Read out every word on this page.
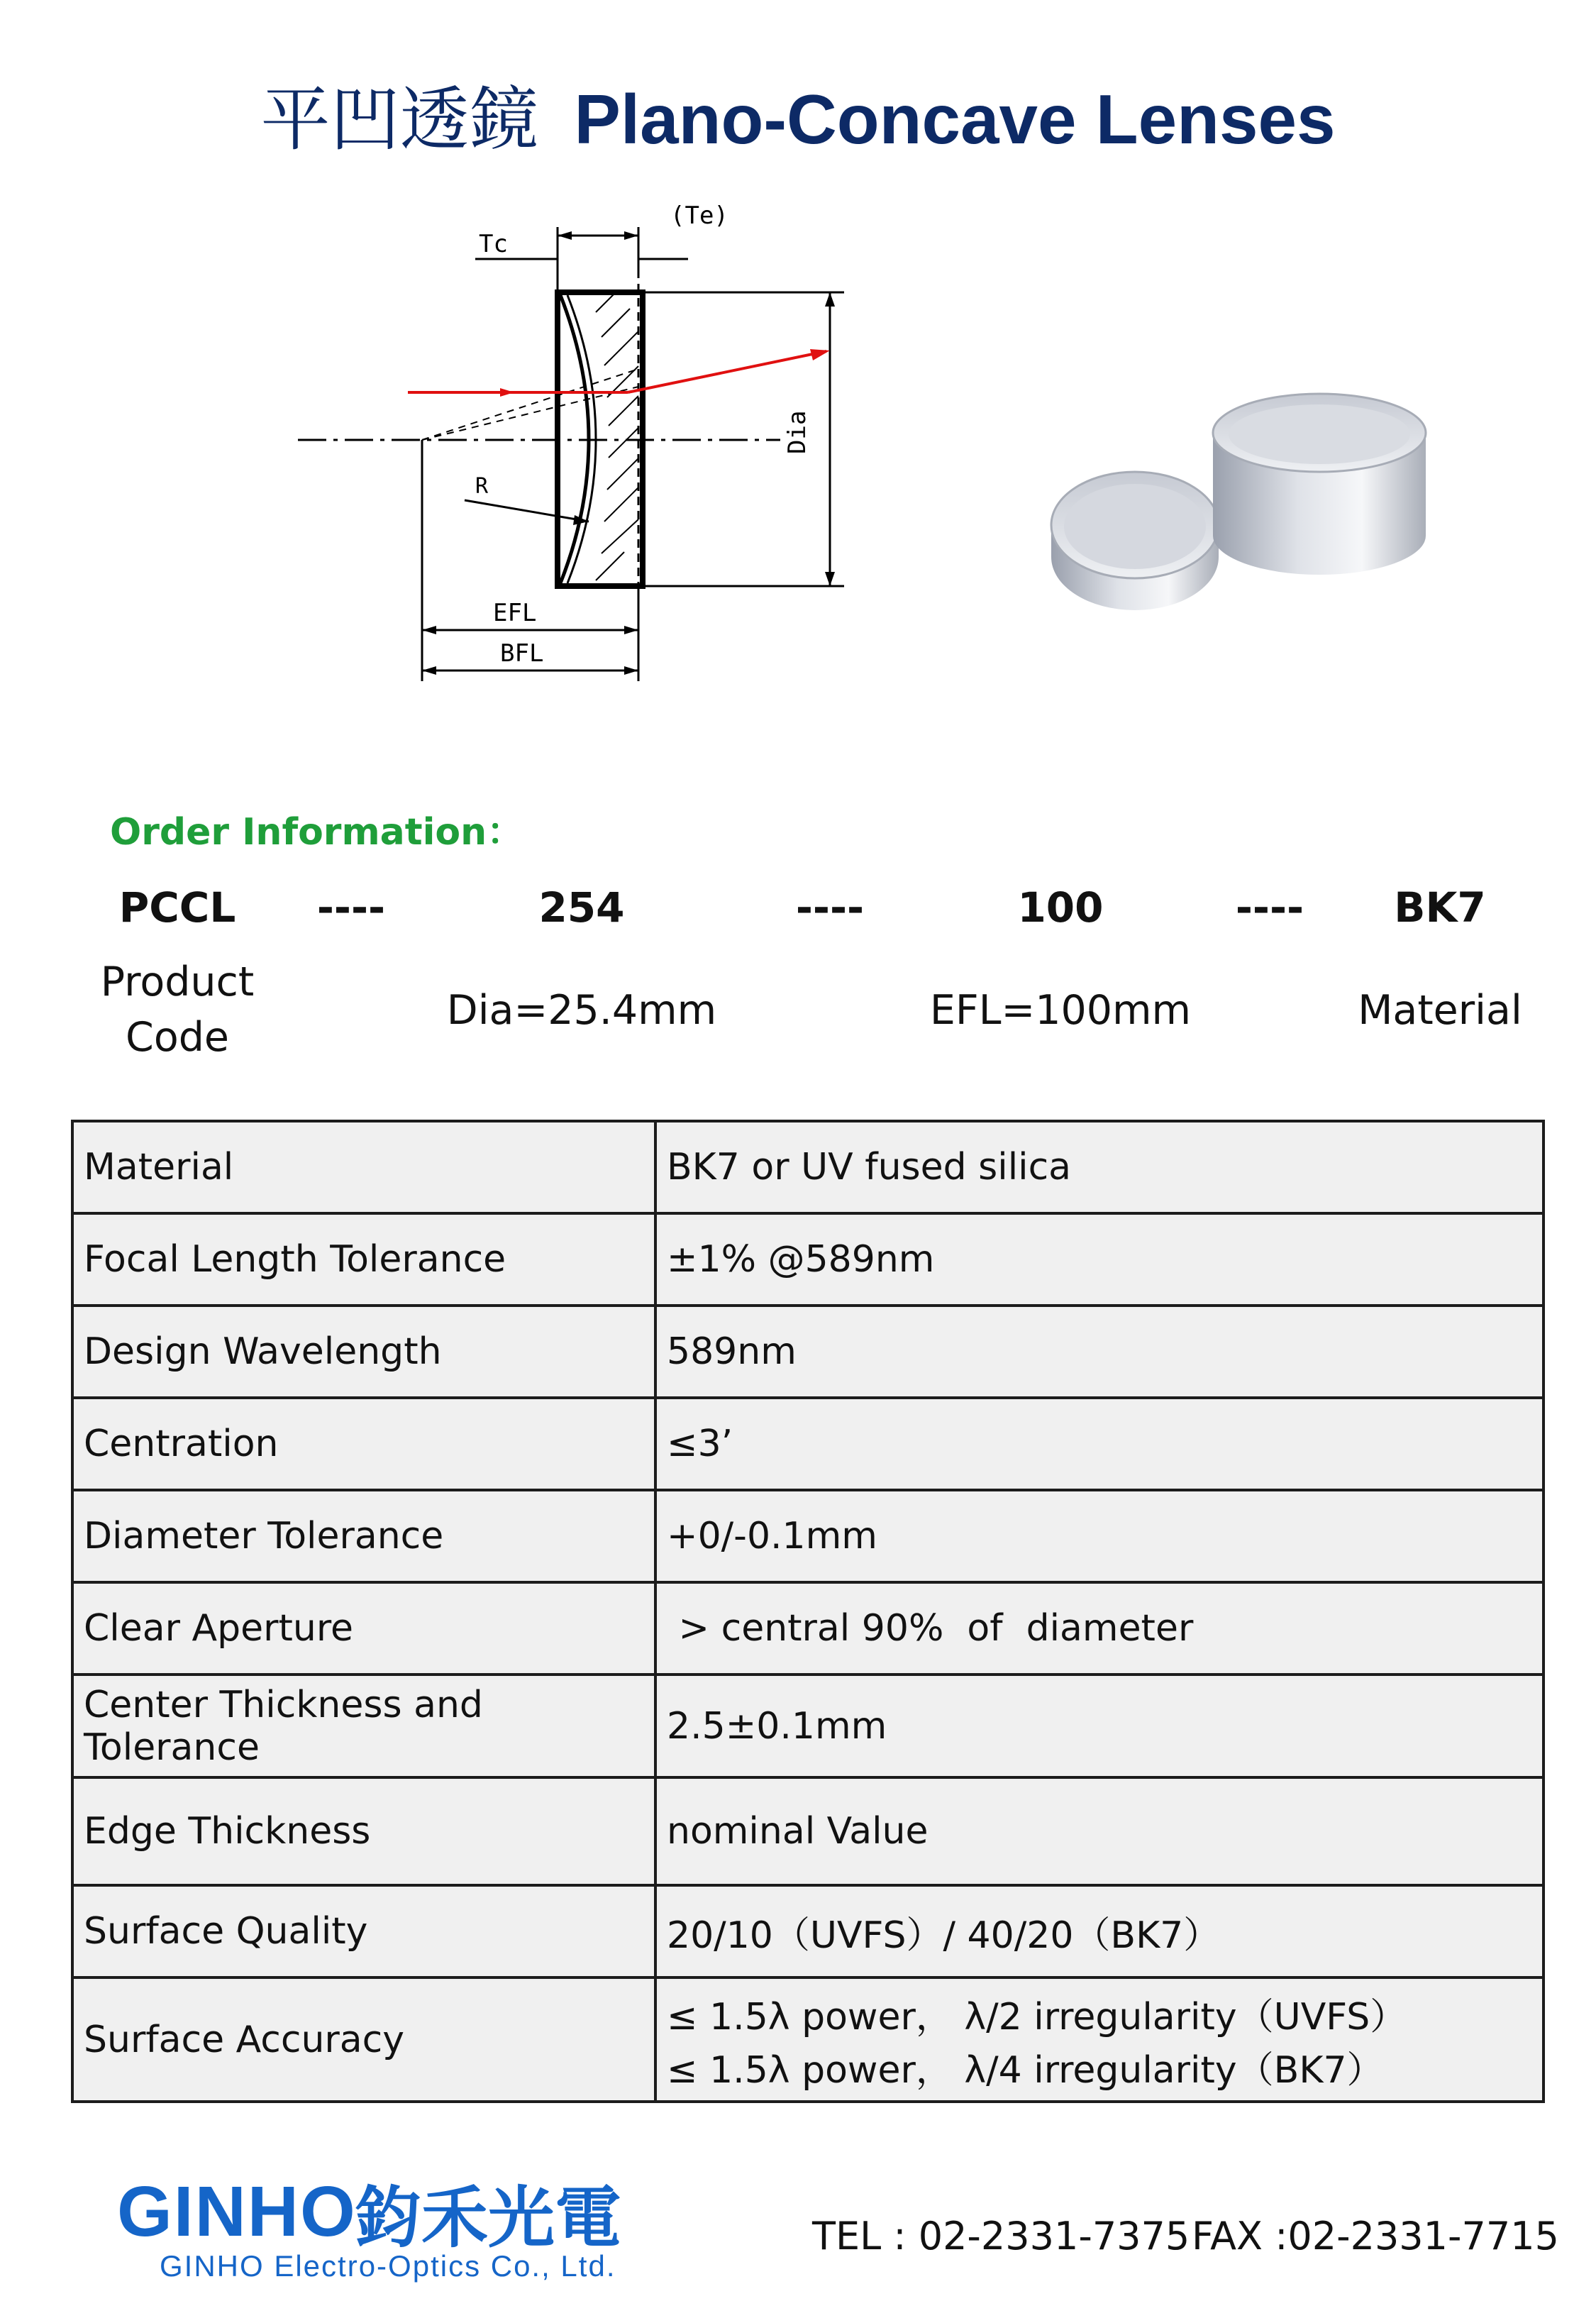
平凹透鏡 Plano-Concave Lenses
(Te)
Tc
Dia
R
EFL
BFL
Order Information：
PCCL	----	254	----	100	----	BK7
Product
Code
Dia=25.4mm	EFL=100mm	Material
Material	BK7 or UV fused silica
Focal Length Tolerance	±1% @589nm
Design Wavelength	589nm
Centration	≤3’
Diameter Tolerance	+0/-0.1mm
Clear Aperture	> central 90%  of  diameter
Center Thickness and Tolerance	2.5±0.1mm
Edge Thickness	nominal Value
Surface Quality	20/10（UVFS）/ 40/20（BK7）
Surface Accuracy	≤ 1.5λ power， λ/2 irregularity（UVFS）
≤ 1.5λ power， λ/4 irregularity（BK7）
GINHO
鈞禾光電
GINHO Electro-Optics Co., Ltd.
TEL : 02-2331-7375 FAX :02-2331-7715
